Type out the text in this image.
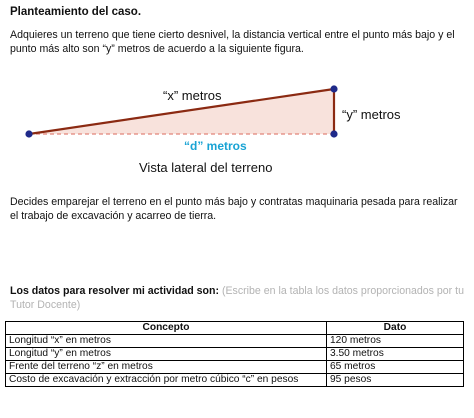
Planteamiento del caso.
Adquieres un terreno que tiene cierto desnivel, la distancia vertical entre el punto más bajo y el punto más alto son “y” metros de acuerdo a la siguiente figura.
“x” metros
“y” metros
“d” metros
Vista lateral del terreno
Decides emparejar el terreno en el punto más bajo y contratas maquinaria pesada para realizar el trabajo de excavación y acarreo de tierra.
Los datos para resolver mi actividad son: (Escribe en la tabla los datos proporcionados por tu Tutor Docente)
Concepto	Dato
Longitud “x” en metros	120 metros
Longitud “y” en metros	3.50 metros
Frente del terreno “z” en metros	65 metros
Costo de excavación y extracción por metro cúbico “c” en pesos	95 pesos
